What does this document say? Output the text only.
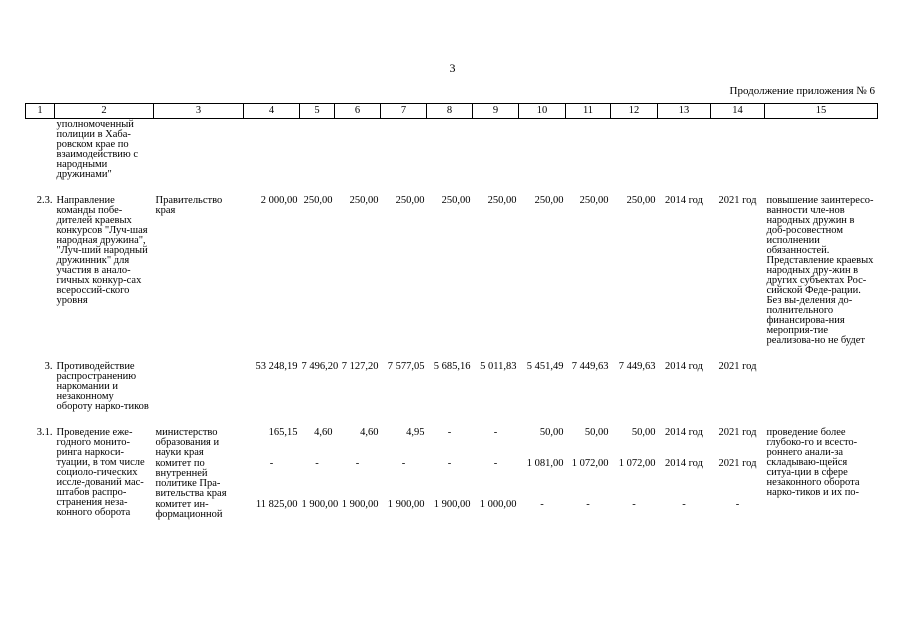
3
Продолжение приложения № 6
1	2	3	4	5	6	7	8	9	10	11	12	13	14	15
	уполномоченный полиции в Хаба-ровском крае по взаимодействию с народными дружинами"													

2.3.	Направление команды побе-дителей краевых конкурсов "Луч-шая народная дружина", "Луч-ший народный дружинник" для участия в анало-гичных конкур-сах всероссий-ского уровня	Правительство края	2 000,00	250,00	250,00	250,00	250,00	250,00	250,00	250,00	250,00	2014 год	2021 год	повышение заинтересо-ванности чле-нов народных дружин в доб-росовестном исполнении обязанностей. Представление краевых народных дру-жин в других субъектах Рос-сийской Феде-рации. Без вы-деления до-полнительного финансирова-ния мероприя-тие реализова-но не будет

3.	Противодействие распространению наркомании и незаконному обороту нарко-тиков		53 248,19	7 496,20	7 127,20	7 577,05	5 685,16	5 011,83	5 451,49	7 449,63	7 449,63	2014 год	2021 год	

3.1.	Проведение еже-годного монито-ринга наркоси-туации, в том числе социоло-гических иссле-дований мас-штабов распро-странения неза-конного оборота	министерство образования и науки края	165,15	4,60	4,60	4,95	-	-	50,00	50,00	50,00	2014 год	2021 год	проведение более глубоко-го и всесто-роннего анали-за складываю-щейся ситуа-ции в сфере незаконного оборота нарко-тиков и их по-
		комитет по внутренней политике Пра-вительства края	-	-	-	-	-	-	1 081,00	1 072,00	1 072,00	2014 год	2021 год	
		комитет ин-формационной	11 825,00	1 900,00	1 900,00	1 900,00	1 900,00	1 000,00	-	-	-	-	-	
